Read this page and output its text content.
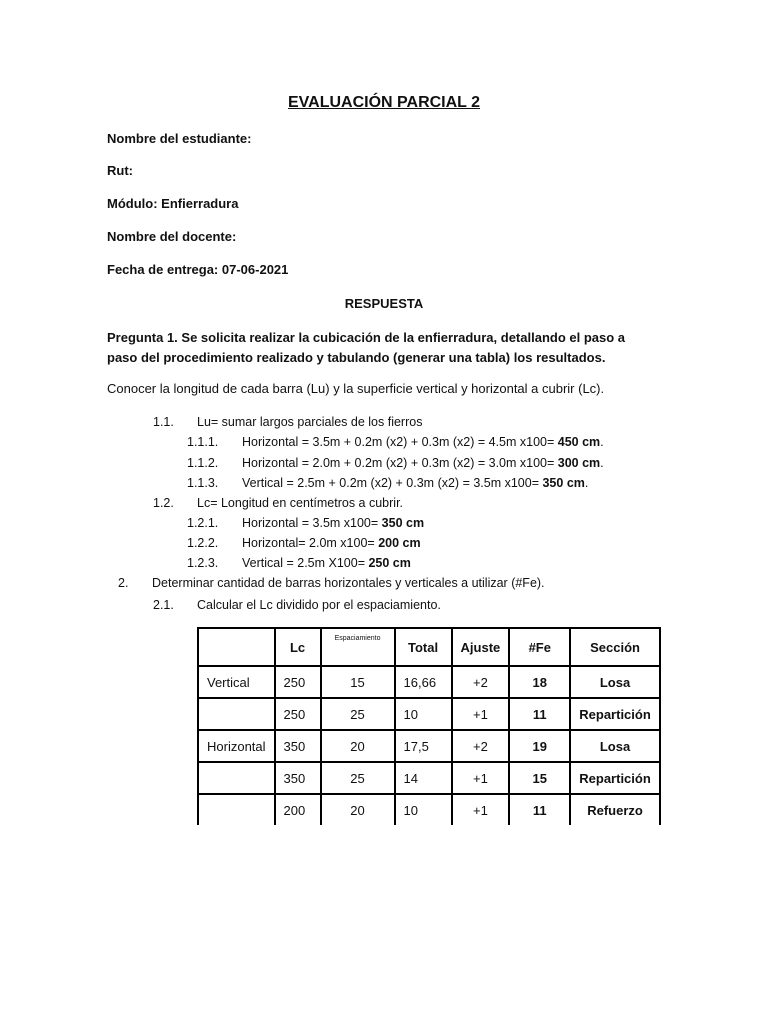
EVALUACIÓN PARCIAL 2
Nombre del estudiante:
Rut:
Módulo: Enfierradura
Nombre del docente:
Fecha de entrega: 07-06-2021
RESPUESTA
Pregunta 1. Se solicita realizar la cubicación de la enfierradura, detallando el paso a paso del procedimiento realizado y tabulando (generar una tabla) los resultados.
Conocer la longitud de cada barra (Lu) y la superficie vertical y horizontal a cubrir (Lc).
1.1. Lu= sumar largos parciales de los fierros
1.1.1. Horizontal = 3.5m + 0.2m (x2) + 0.3m (x2) = 4.5m x100= 450 cm.
1.1.2. Horizontal = 2.0m + 0.2m (x2) + 0.3m (x2) = 3.0m x100= 300 cm.
1.1.3. Vertical = 2.5m + 0.2m (x2) + 0.3m (x2) = 3.5m x100= 350 cm.
1.2. Lc= Longitud en centímetros a cubrir.
1.2.1. Horizontal = 3.5m x100= 350 cm
1.2.2. Horizontal= 2.0m x100= 200 cm
1.2.3. Vertical = 2.5m X100= 250 cm
2. Determinar cantidad de barras horizontales y verticales a utilizar (#Fe).
2.1. Calcular el Lc dividido por el espaciamiento.
	Lc	Espaciamiento	Total	Ajuste	#Fe	Sección
Vertical	250	15	16,66	+2	18	Losa
	250	25	10	+1	11	Repartición
Horizontal	350	20	17,5	+2	19	Losa
	350	25	14	+1	15	Repartición
	200	20	10	+1	11	Refuerzo
